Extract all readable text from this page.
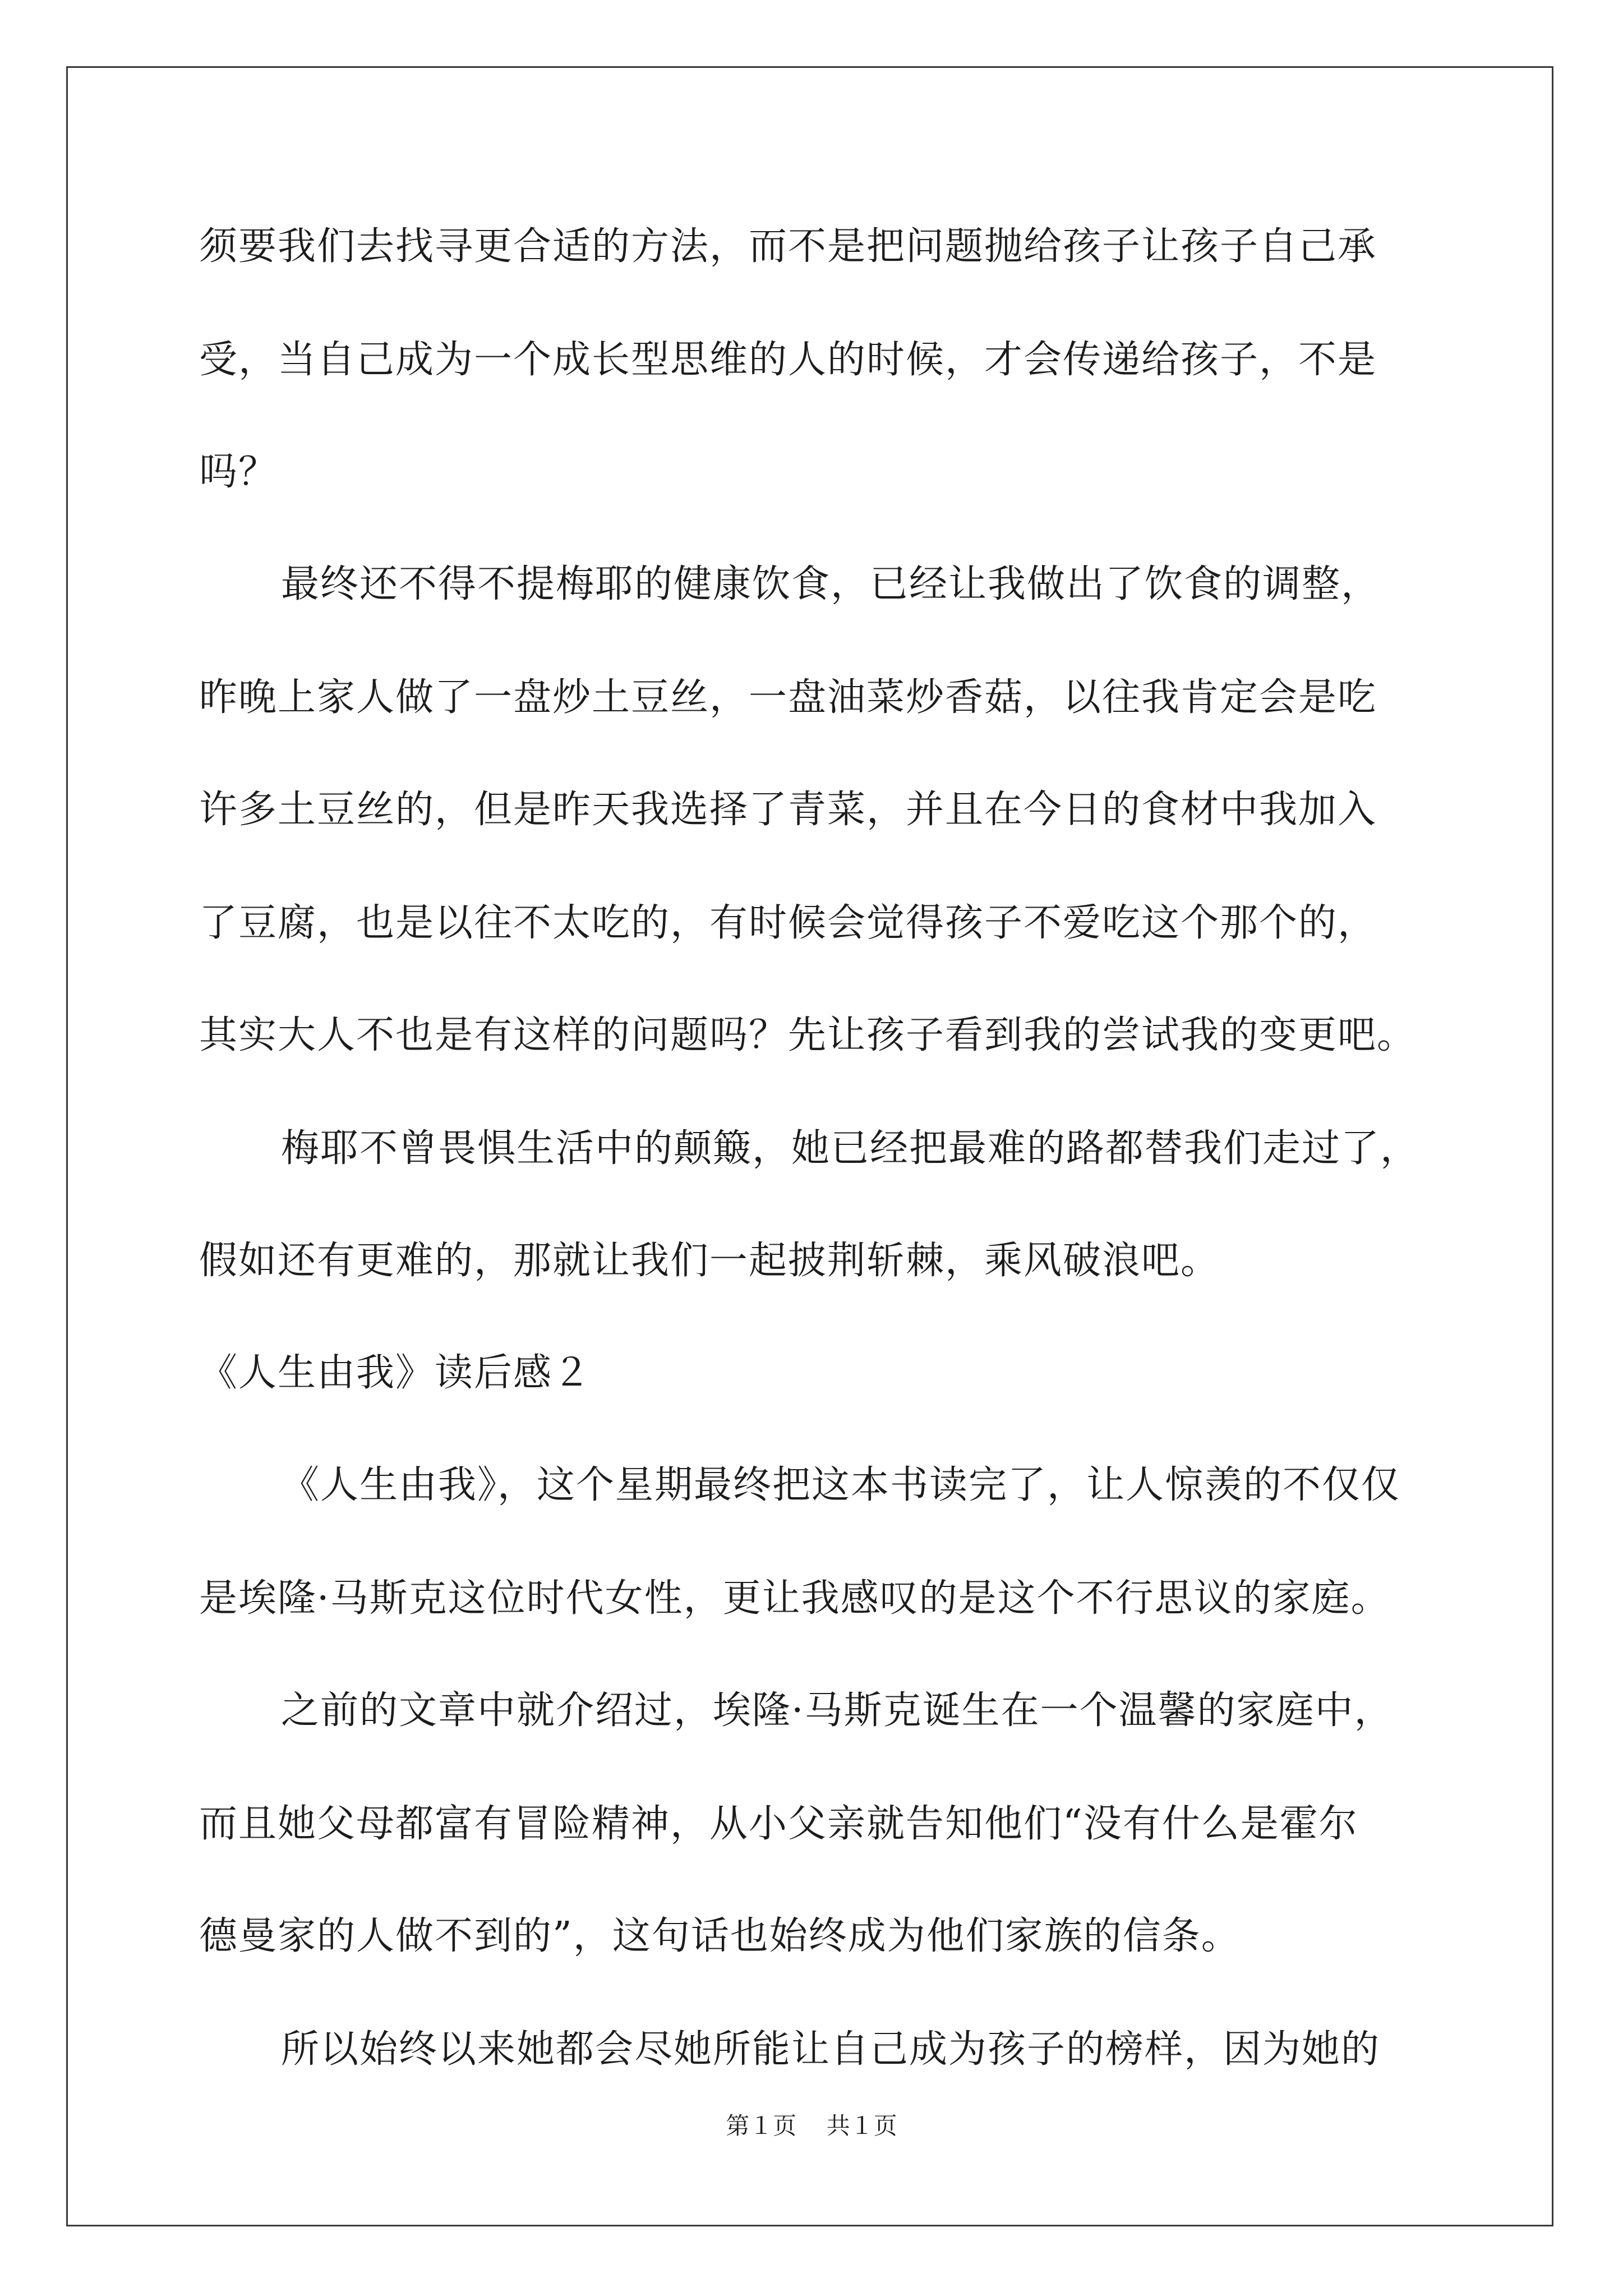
须要我们去找寻更合适的方法，而不是把问题抛给孩子让孩子自己承
受，当自己成为一个成长型思维的人的时候，才会传递给孩子，不是
吗？
最终还不得不提梅耶的健康饮食，已经让我做出了饮食的调整，
昨晚上家人做了一盘炒土豆丝，一盘油菜炒香菇，以往我肯定会是吃
许多土豆丝的，但是昨天我选择了青菜，并且在今日的食材中我加入
了豆腐，也是以往不太吃的，有时候会觉得孩子不爱吃这个那个的，
其实大人不也是有这样的问题吗？先让孩子看到我的尝试我的变更吧。
梅耶不曾畏惧生活中的颠簸，她已经把最难的路都替我们走过了，
假如还有更难的，那就让我们一起披荆斩棘，乘风破浪吧。
《人生由我》读后感２
《人生由我》，这个星期最终把这本书读完了，让人惊羡的不仅仅
是埃隆·马斯克这位时代女性，更让我感叹的是这个不行思议的家庭。
之前的文章中就介绍过，埃隆·马斯克诞生在一个温馨的家庭中，
而且她父母都富有冒险精神，从小父亲就告知他们“没有什么是霍尔
德曼家的人做不到的”，这句话也始终成为他们家族的信条。
所以始终以来她都会尽她所能让自己成为孩子的榜样，因为她的
第１页 共１页
